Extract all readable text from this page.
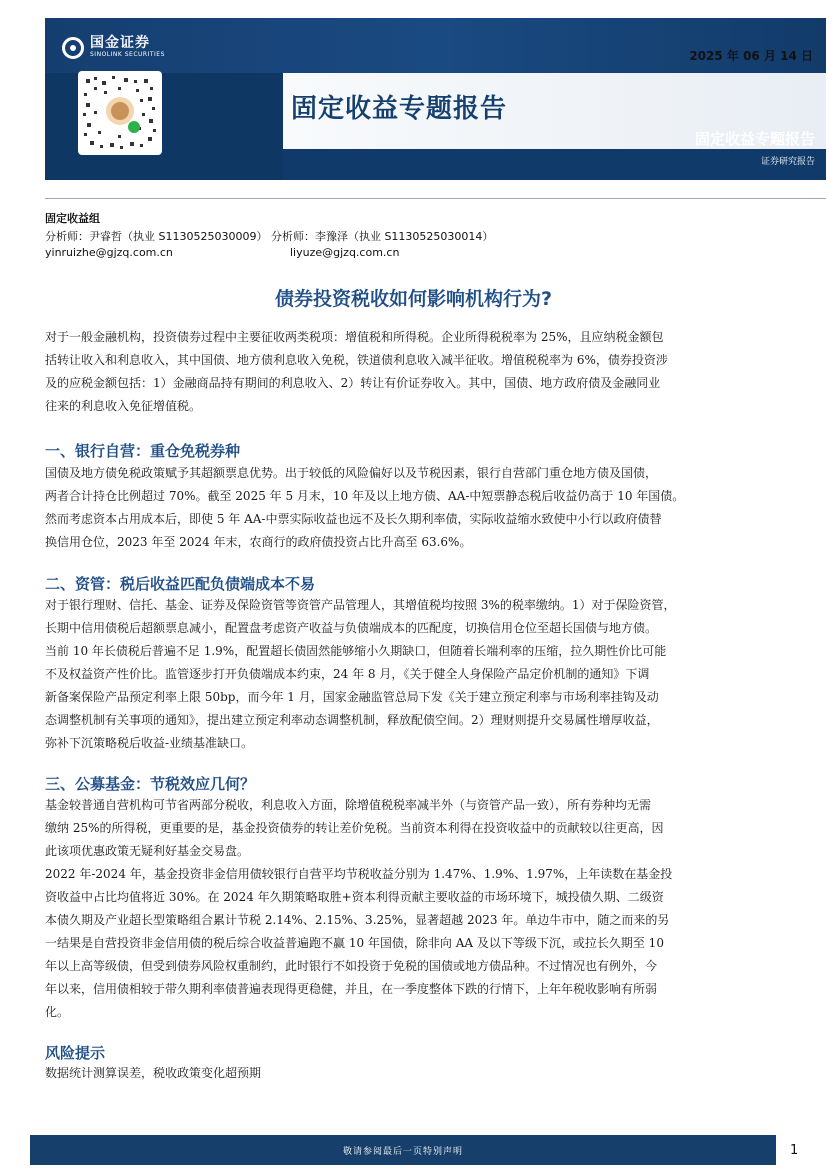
国金证券
SINOLINK SECURITIES	2025 年 06 月 14 日
固定收益专题报告
固定收益专题报告
证券研究报告
固定收益组
分析师：尹睿哲（执业 S1130525030009） 分析师：李豫泽（执业 S1130525030014）
yinruizhe@gjzq.com.cn	liyuze@gjzq.com.cn
债券投资税收如何影响机构行为?
对于一般金融机构，投资债券过程中主要征收两类税项：增值税和所得税。企业所得税税率为 25%，且应纳税金额包
括转让收入和利息收入，其中国债、地方债利息收入免税，铁道债利息收入减半征收。增值税税率为 6%，债券投资涉
及的应税金额包括：1）金融商品持有期间的利息收入、2）转让有价证券收入。其中，国债、地方政府债及金融同业
往来的利息收入免征增值税。
一、银行自营：重仓免税券种
国债及地方债免税政策赋予其超额票息优势。出于较低的风险偏好以及节税因素，银行自营部门重仓地方债及国债，
两者合计持仓比例超过 70%。截至 2025 年 5 月末，10 年及以上地方债、AA-中短票静态税后收益仍高于 10 年国债。
然而考虑资本占用成本后，即使 5 年 AA-中票实际收益也远不及长久期利率债，实际收益缩水致使中小行以政府债替
换信用仓位，2023 年至 2024 年末，农商行的政府债投资占比升高至 63.6%。
二、资管：税后收益匹配负债端成本不易
对于银行理财、信托、基金、证券及保险资管等资管产品管理人，其增值税均按照 3%的税率缴纳。1）对于保险资管，
长期中信用债税后超额票息减小，配置盘考虑资产收益与负债端成本的匹配度，切换信用仓位至超长国债与地方债。
当前 10 年长债税后普遍不足 1.9%，配置超长债固然能够缩小久期缺口，但随着长端利率的压缩，拉久期性价比可能
不及权益资产性价比。监管逐步打开负债端成本约束，24 年 8 月，《关于健全人身保险产品定价机制的通知》下调
新备案保险产品预定利率上限 50bp，而今年 1 月，国家金融监管总局下发《关于建立预定利率与市场利率挂钩及动
态调整机制有关事项的通知》，提出建立预定利率动态调整机制，释放配债空间。2）理财则提升交易属性增厚收益，
弥补下沉策略税后收益-业绩基准缺口。
三、公募基金：节税效应几何？
基金较普通自营机构可节省两部分税收，利息收入方面，除增值税税率减半外（与资管产品一致），所有券种均无需
缴纳 25%的所得税，更重要的是，基金投资债券的转让差价免税。当前资本利得在投资收益中的贡献较以往更高，因
此该项优惠政策无疑利好基金交易盘。
2022 年-2024 年，基金投资非金信用债较银行自营平均节税收益分别为 1.47%、1.9%、1.97%，上年读数在基金投
资收益中占比均值将近 30%。在 2024 年久期策略取胜+资本利得贡献主要收益的市场环境下，城投债久期、二级资
本债久期及产业超长型策略组合累计节税 2.14%、2.15%、3.25%，显著超越 2023 年。单边牛市中，随之而来的另
一结果是自营投资非金信用债的税后综合收益普遍跑不赢 10 年国债，除非向 AA 及以下等级下沉，或拉长久期至 10
年以上高等级债，但受到债券风险权重制约，此时银行不如投资于免税的国债或地方债品种。不过情况也有例外，今
年以来，信用债相较于带久期利率债普遍表现得更稳健，并且，在一季度整体下跌的行情下，上年年税收影响有所弱
化。
风险提示
数据统计测算误差，税收政策变化超预期
敬请参阅最后一页特别声明	1
